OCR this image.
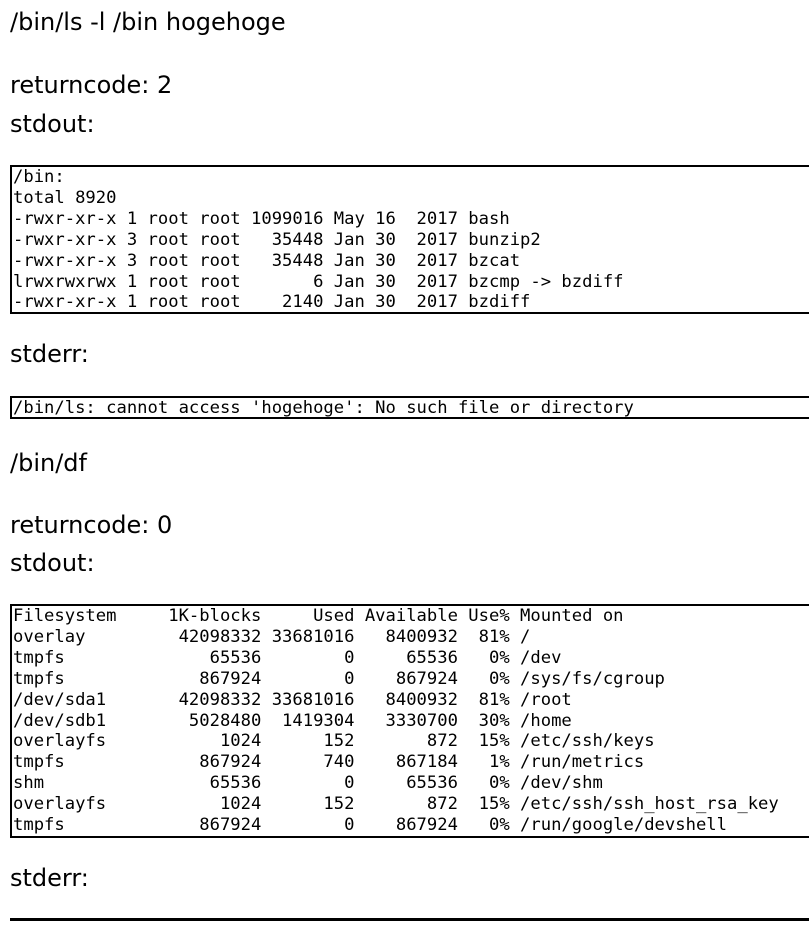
/bin/ls -l /bin hogehoge

returncode: 2

stdout:

/bin:
total 8920
-rwxr-xr-x 1 root root 1099016 May 16  2017 bash
-rwxr-xr-x 3 root root   35448 Jan 30  2017 bunzip2
-rwxr-xr-x 3 root root   35448 Jan 30  2017 bzcat
lrwxrwxrwx 1 root root       6 Jan 30  2017 bzcmp -> bzdiff
-rwxr-xr-x 1 root root    2140 Jan 30  2017 bzdiff

stderr:

/bin/ls: cannot access 'hogehoge': No such file or directory

/bin/df

returncode: 0

stdout:

Filesystem     1K-blocks     Used Available Use% Mounted on
overlay         42098332 33681016   8400932  81% /
tmpfs              65536        0     65536   0% /dev
tmpfs             867924        0    867924   0% /sys/fs/cgroup
/dev/sda1       42098332 33681016   8400932  81% /root
/dev/sdb1        5028480  1419304   3330700  30% /home
overlayfs           1024      152       872  15% /etc/ssh/keys
tmpfs             867924      740    867184   1% /run/metrics
shm                65536        0     65536   0% /dev/shm
overlayfs           1024      152       872  15% /etc/ssh/ssh_host_rsa_key
tmpfs             867924        0    867924   0% /run/google/devshell

stderr:
